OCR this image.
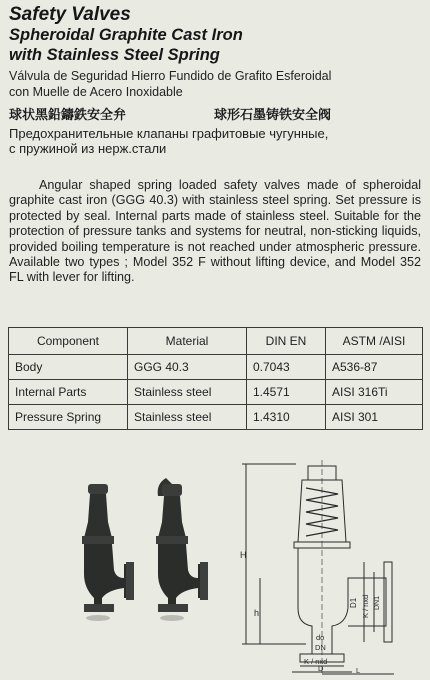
Safety Valves
Spheroidal Graphite Cast Iron
with Stainless Steel Spring
Válvula de Seguridad Hierro Fundido de Grafito Esferoidal
con Muelle de Acero Inoxidable
球状黑鉛鑄鉄安全弁	球形石墨铸铁安全阀
Предохранительные клапаны графитовые чугунные,
с пружиной из нерж.стали
Angular shaped spring loaded safety valves made of spheroidal graphite cast iron (GGG 40.3) with stainless steel spring. Set pressure is protected by seal. Internal parts made of stainless steel. Suitable for the protection of pressure tanks and systems for neutral, non-sticking liquids, provided boiling temperature is not reached under atmospheric pressure. Available two types ; Model 352 F without lifting device, and Model 352 FL with lever for lifting.
Component	Material	DIN EN	ASTM /AISI
Body	GGG 40.3	0.7043	A536-87
Internal Parts	Stainless steel	1.4571	AISI 316Ti
Pressure Spring	Stainless steel	1.4310	AISI 301
H
h
D1 K / nxd DN1
do
DN
K / nxd
D	L
